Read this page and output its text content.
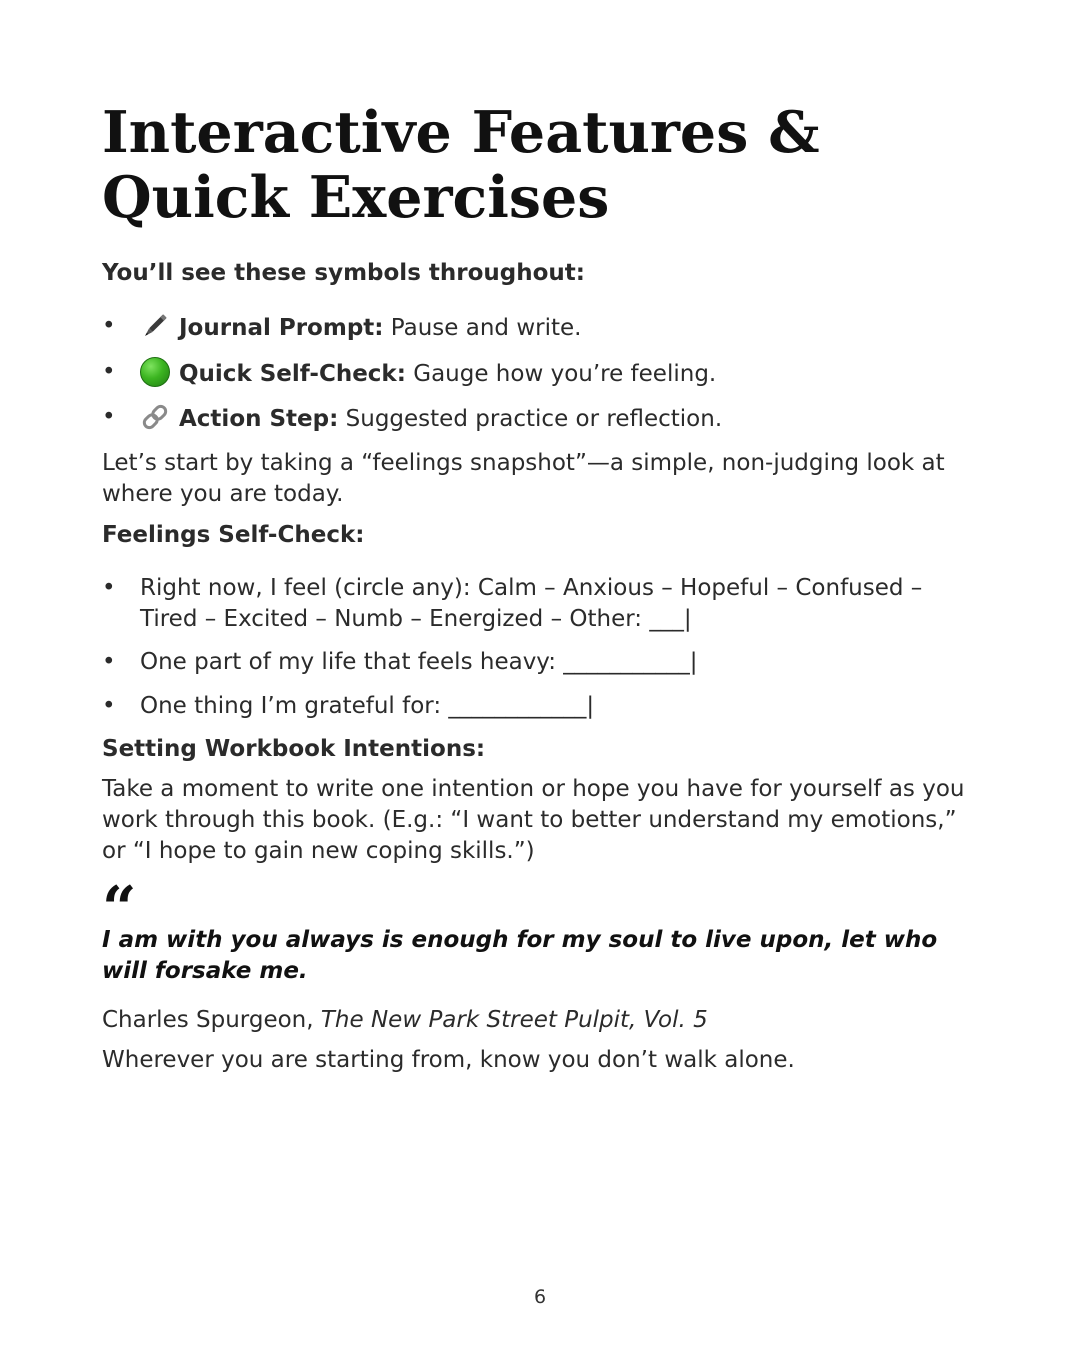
Interactive Features & Quick Exercises

You’ll see these symbols throughout:

•	Journal Prompt: Pause and write.
•	Quick Self-Check: Gauge how you’re feeling.
•	Action Step: Suggested practice or reflection.

Let’s start by taking a “feelings snapshot”—a simple, non-judging look at where you are today.

Feelings Self-Check:

• Right now, I feel (circle any): Calm – Anxious – Hopeful – Confused – Tired – Excited – Numb – Energized – Other: ___|
• One part of my life that feels heavy: ___________|
• One thing I’m grateful for: ____________|

Setting Workbook Intentions:

Take a moment to write one intention or hope you have for yourself as you work through this book. (E.g.: “I want to better understand my emotions,” or “I hope to gain new coping skills.”)

“

I am with you always is enough for my soul to live upon, let who will forsake me.

Charles Spurgeon, The New Park Street Pulpit, Vol. 5

Wherever you are starting from, know you don’t walk alone.

6
